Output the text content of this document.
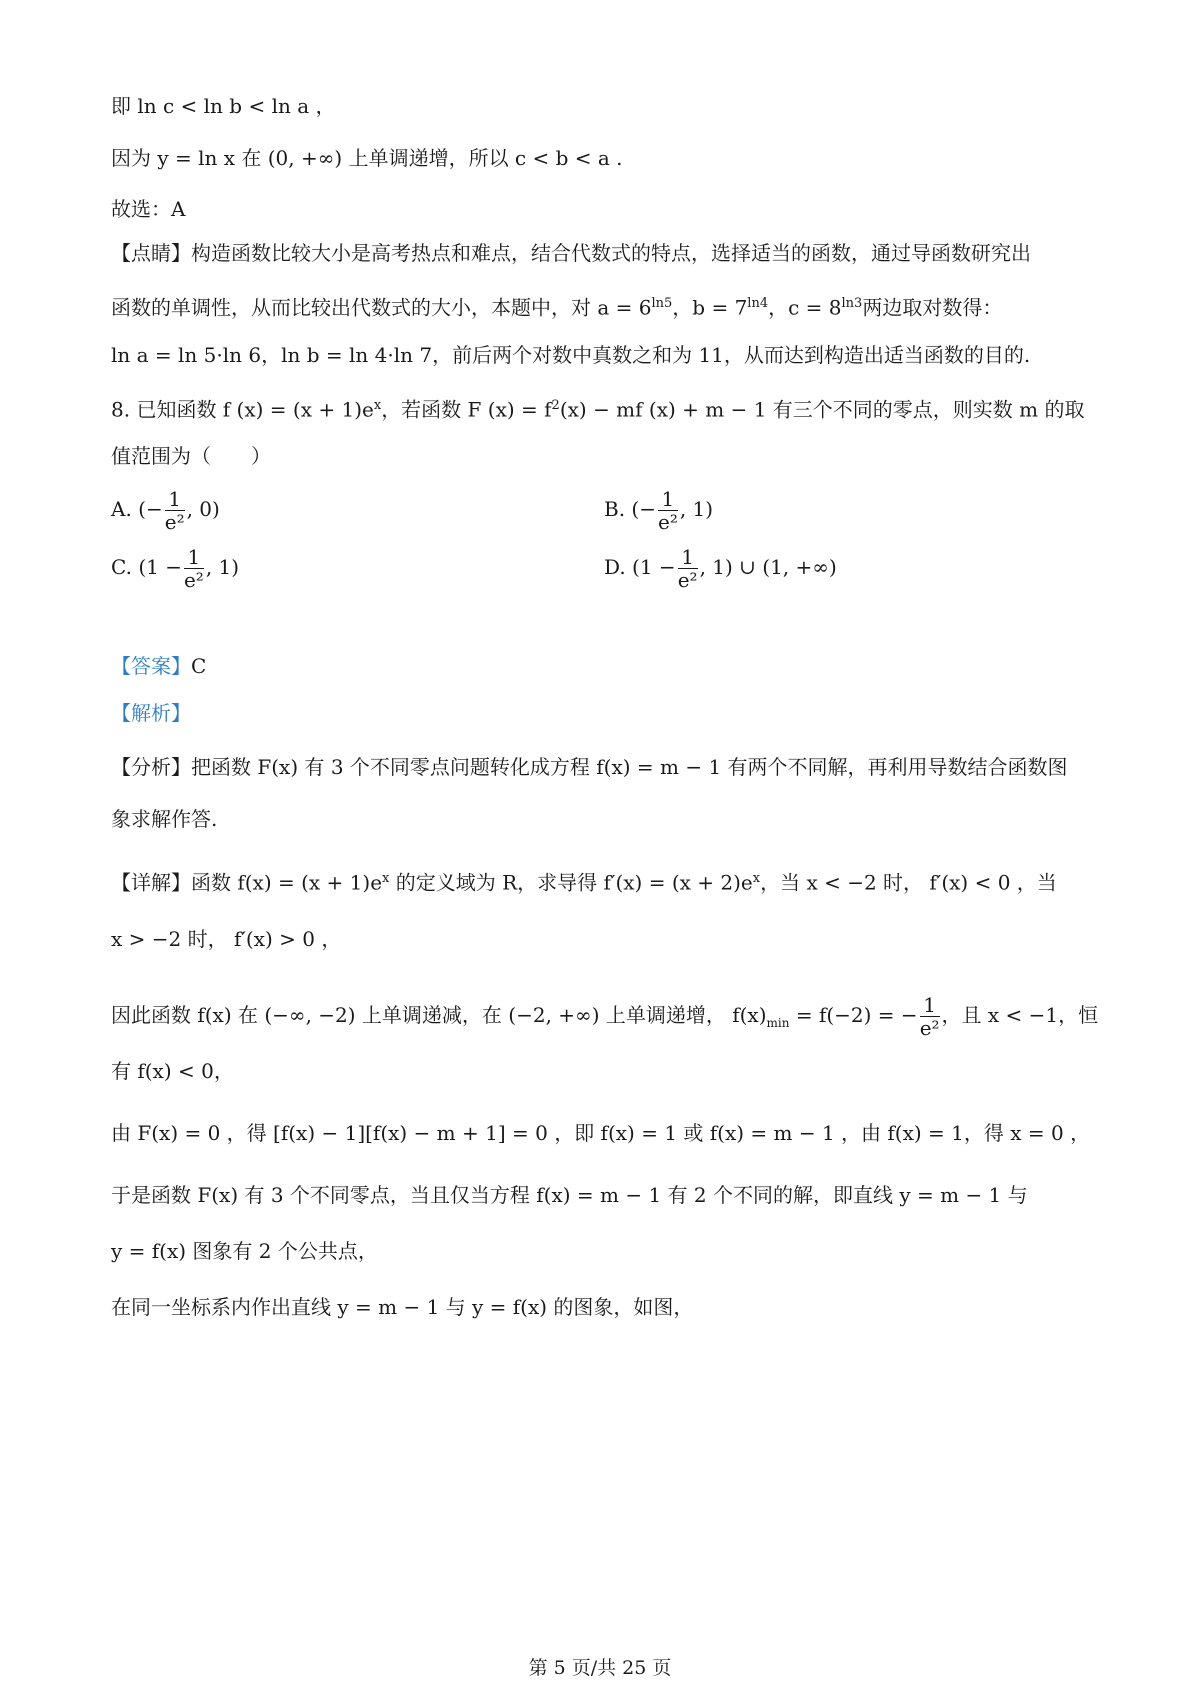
即 ln c < ln b < ln a ，
因为 y = ln x 在 (0, +∞) 上单调递增，所以 c < b < a .
故选：A
【点睛】构造函数比较大小是高考热点和难点，结合代数式的特点，选择适当的函数，通过导函数研究出
函数的单调性，从而比较出代数式的大小，本题中，对 $a = 6^{ln5}$，$b = 7^{ln4}$，$c = 8^{ln3}$两边取对数得：
ln a = ln 5·ln 6，ln b = ln 4·ln 7，前后两个对数中真数之和为 11，从而达到构造出适当函数的目的.
8. 已知函数 f $(x) = (x + 1)e^x$，若函数 F $(x) = f^2(x)$ − mf (x) + m − 1 有三个不同的零点，则实数 m 的取
值范围为（　　）
A. (− $\frac{1}{\text{e²}}$ , 0)	B. (− $\frac{1}{\text{e²}}$ , 1)
C. ($1 - \frac{1}{\text{e²}}$ , 1)	D. ($1 - \frac{1}{\text{e²}}$ , 1) ∪ (1, +∞)
【答案】C
【解析】
【分析】把函数 F(x) 有 3 个不同零点问题转化成方程 f(x) = m − 1 有两个不同解，再利用导数结合函数图
象求解作答.
【详解】函数 $f(x) = (x + 1)e^x$ 的定义域为 R，求导得 $f'(x) = (x + 2)e^x$，当 x < −2 时， f′(x) < 0 ，当
x > −2 时， f′(x) > 0 ，
因此函数 f(x) 在 (−∞, −2) 上单调递减，在 (−2, +∞) 上单调递增， $f(x)_{min} = f(-2)$ = − $\frac{1}{\text{e²}}$ ，且 x < −1，恒
有 f(x) < 0，
由 F(x) = 0 ，得 [f(x) − 1][f(x) − m + 1] = 0 ，即 f(x) = 1 或 f(x) = m − 1 ，由 f(x) = 1，得 x = 0 ，
于是函数 F(x) 有 3 个不同零点，当且仅当方程 f(x) = m − 1 有 2 个不同的解，即直线 y = m − 1 与
y = f(x) 图象有 2 个公共点，
在同一坐标系内作出直线 y = m − 1 与 y = f(x) 的图象，如图，
第 5 页/共 25 页
